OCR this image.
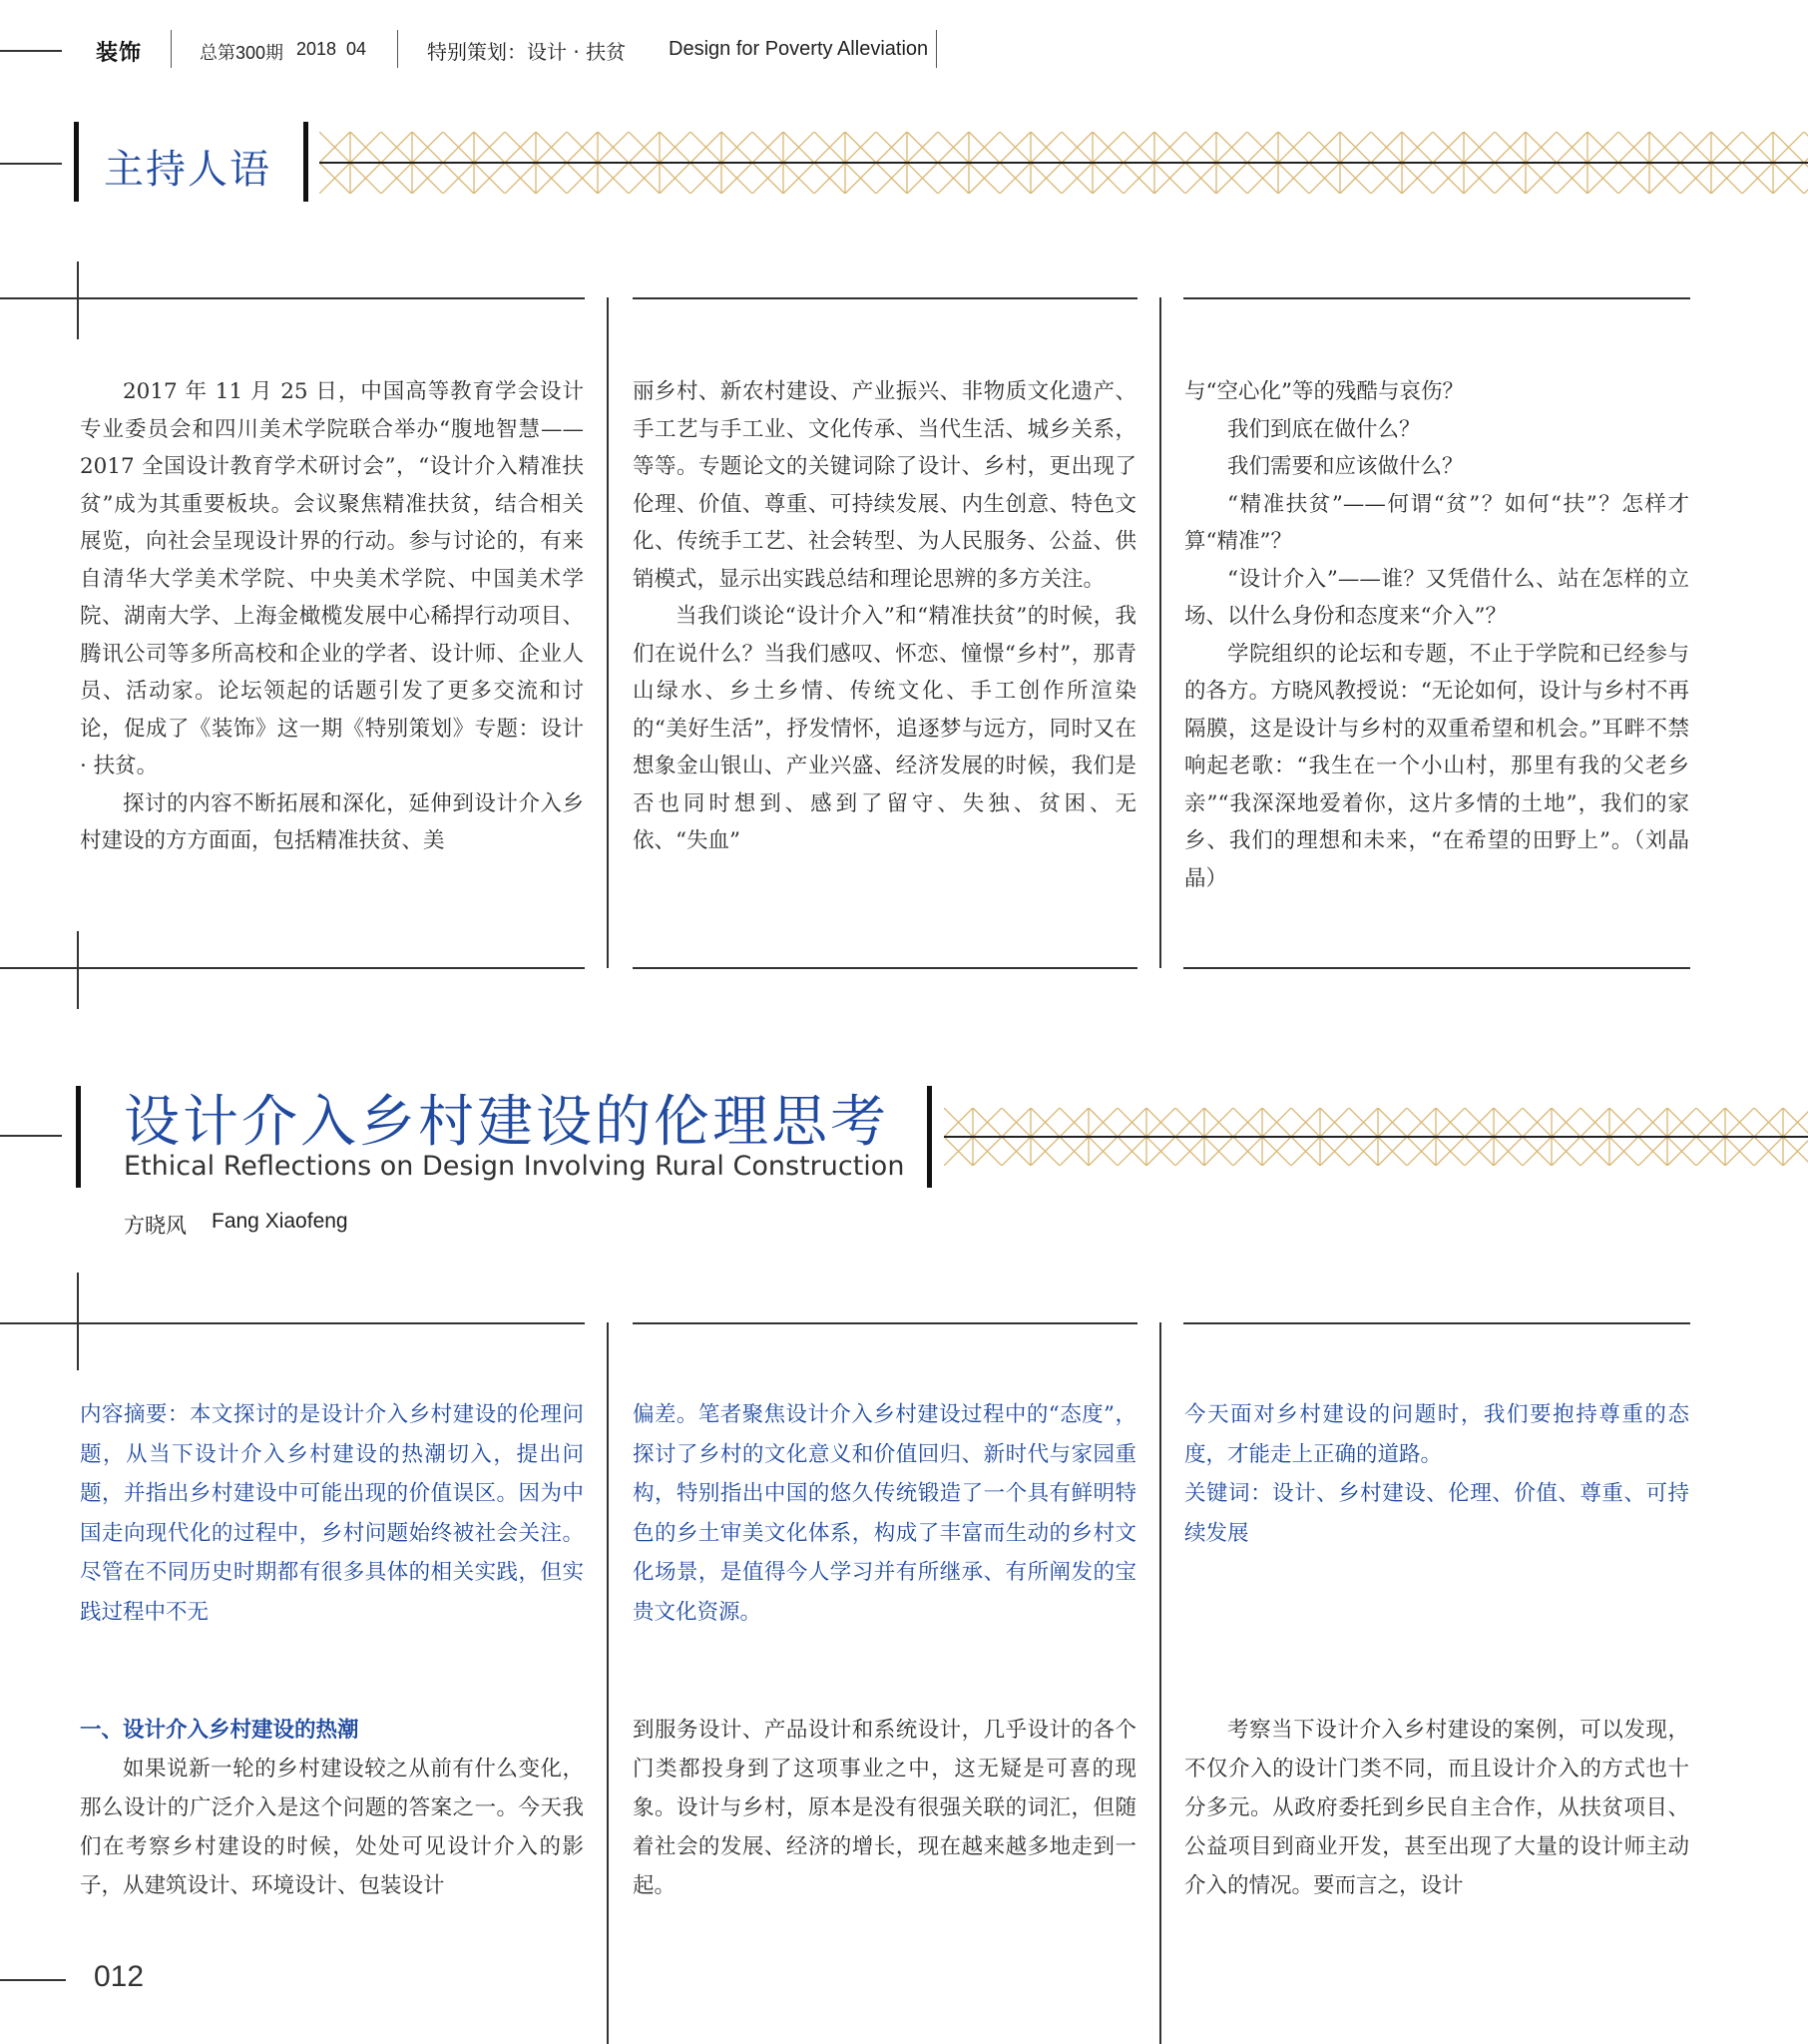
装饰	总第300期 2018 04	特别策划：设计 · 扶贫 Design for Poverty Alleviation
主持人语

2017 年 11 月 25 日，中国高等教育学会设计专业委员会和四川美术学院联合举办“腹地智慧——2017 全国设计教育学术研讨会”，“设计介入精准扶贫”成为其重要板块。会议聚焦精准扶贫，结合相关展览，向社会呈现设计界的行动。参与讨论的，有来自清华大学美术学院、中央美术学院、中国美术学院、湖南大学、上海金橄榄发展中心稀捍行动项目、腾讯公司等多所高校和企业的学者、设计师、企业人员、活动家。论坛领起的话题引发了更多交流和讨论，促成了《装饰》这一期《特别策划》专题：设计 · 扶贫。

探讨的内容不断拓展和深化，延伸到设计介入乡村建设的方方面面，包括精准扶贫、美

丽乡村、新农村建设、产业振兴、非物质文化遗产、手工艺与手工业、文化传承、当代生活、城乡关系，等等。专题论文的关键词除了设计、乡村，更出现了伦理、价值、尊重、可持续发展、内生创意、特色文化、传统手工艺、社会转型、为人民服务、公益、供销模式，显示出实践总结和理论思辨的多方关注。

当我们谈论“设计介入”和“精准扶贫”的时候，我们在说什么？当我们感叹、怀恋、憧憬“乡村”，那青山绿水、乡土乡情、传统文化、手工创作所渲染的“美好生活”，抒发情怀，追逐梦与远方，同时又在想象金山银山、产业兴盛、经济发展的时候，我们是否也同时想到、感到了留守、失独、贫困、无依、“失血”

与“空心化”等的残酷与哀伤？

我们到底在做什么？

我们需要和应该做什么？

“精准扶贫”——何谓“贫”？如何“扶”？怎样才算“精准”？

“设计介入”——谁？又凭借什么、站在怎样的立场、以什么身份和态度来“介入”？

学院组织的论坛和专题，不止于学院和已经参与的各方。方晓风教授说：“无论如何，设计与乡村不再隔膜，这是设计与乡村的双重希望和机会。”耳畔不禁响起老歌：“我生在一个小山村，那里有我的父老乡亲”“我深深地爱着你，这片多情的土地”，我们的家乡、我们的理想和未来，“在希望的田野上”。（刘晶晶）

设计介入乡村建设的伦理思考
Ethical Reflections on Design Involving Rural Construction
方晓风 Fang Xiaofeng

内容摘要：本文探讨的是设计介入乡村建设的伦理问题，从当下设计介入乡村建设的热潮切入，提出问题，并指出乡村建设中可能出现的价值误区。因为中国走向现代化的过程中，乡村问题始终被社会关注。尽管在不同历史时期都有很多具体的相关实践，但实践过程中不无

偏差。笔者聚焦设计介入乡村建设过程中的“态度”，探讨了乡村的文化意义和价值回归、新时代与家园重构，特别指出中国的悠久传统锻造了一个具有鲜明特色的乡土审美文化体系，构成了丰富而生动的乡村文化场景，是值得今人学习并有所继承、有所阐发的宝贵文化资源。

今天面对乡村建设的问题时，我们要抱持尊重的态度，才能走上正确的道路。

关键词：设计、乡村建设、伦理、价值、尊重、可持续发展

一、设计介入乡村建设的热潮

如果说新一轮的乡村建设较之从前有什么变化，那么设计的广泛介入是这个问题的答案之一。今天我们在考察乡村建设的时候，处处可见设计介入的影子，从建筑设计、环境设计、包装设计

到服务设计、产品设计和系统设计，几乎设计的各个门类都投身到了这项事业之中，这无疑是可喜的现象。设计与乡村，原本是没有很强关联的词汇，但随着社会的发展、经济的增长，现在越来越多地走到一起。

考察当下设计介入乡村建设的案例，可以发现，不仅介入的设计门类不同，而且设计介入的方式也十分多元。从政府委托到乡民自主合作，从扶贫项目、公益项目到商业开发，甚至出现了大量的设计师主动介入的情况。要而言之，设计

012
